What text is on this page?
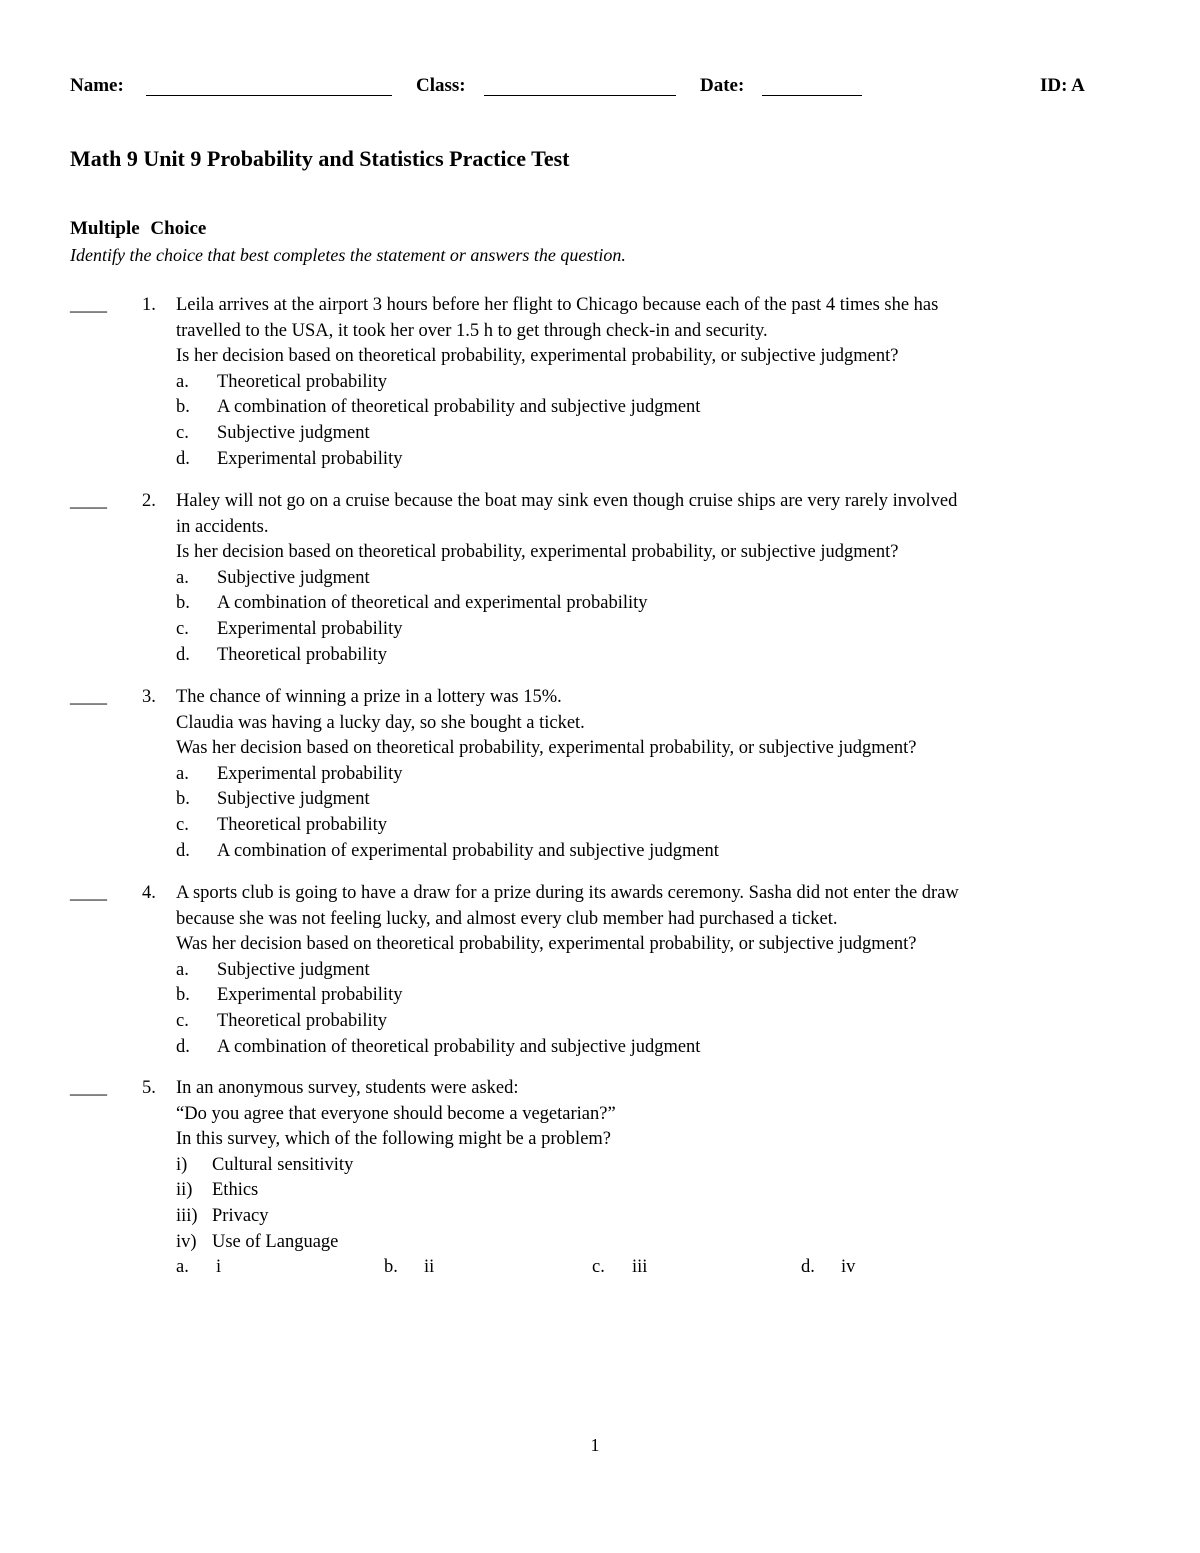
Name:	Class:	Date:	ID: A
Math 9 Unit 9 Probability and Statistics Practice Test
Multiple Choice
Identify the choice that best completes the statement or answers the question.
____ 1. Leila arrives at the airport 3 hours before her flight to Chicago because each of the past 4 times she has
travelled to the USA, it took her over 1.5 h to get through check-in and security.
Is her decision based on theoretical probability, experimental probability, or subjective judgment?
a. Theoretical probability
b. A combination of theoretical probability and subjective judgment
c. Subjective judgment
d. Experimental probability
____ 2. Haley will not go on a cruise because the boat may sink even though cruise ships are very rarely involved
in accidents.
Is her decision based on theoretical probability, experimental probability, or subjective judgment?
a. Subjective judgment
b. A combination of theoretical and experimental probability
c. Experimental probability
d. Theoretical probability
____ 3. The chance of winning a prize in a lottery was 15%.
Claudia was having a lucky day, so she bought a ticket.
Was her decision based on theoretical probability, experimental probability, or subjective judgment?
a. Experimental probability
b. Subjective judgment
c. Theoretical probability
d. A combination of experimental probability and subjective judgment
____ 4. A sports club is going to have a draw for a prize during its awards ceremony. Sasha did not enter the draw
because she was not feeling lucky, and almost every club member had purchased a ticket.
Was her decision based on theoretical probability, experimental probability, or subjective judgment?
a. Subjective judgment
b. Experimental probability
c. Theoretical probability
d. A combination of theoretical probability and subjective judgment
____ 5. In an anonymous survey, students were asked:
“Do you agree that everyone should become a vegetarian?”
In this survey, which of the following might be a problem?
i) Cultural sensitivity
ii) Ethics
iii) Privacy
iv) Use of Language
a. i	b. ii	c. iii	d. iv
1
